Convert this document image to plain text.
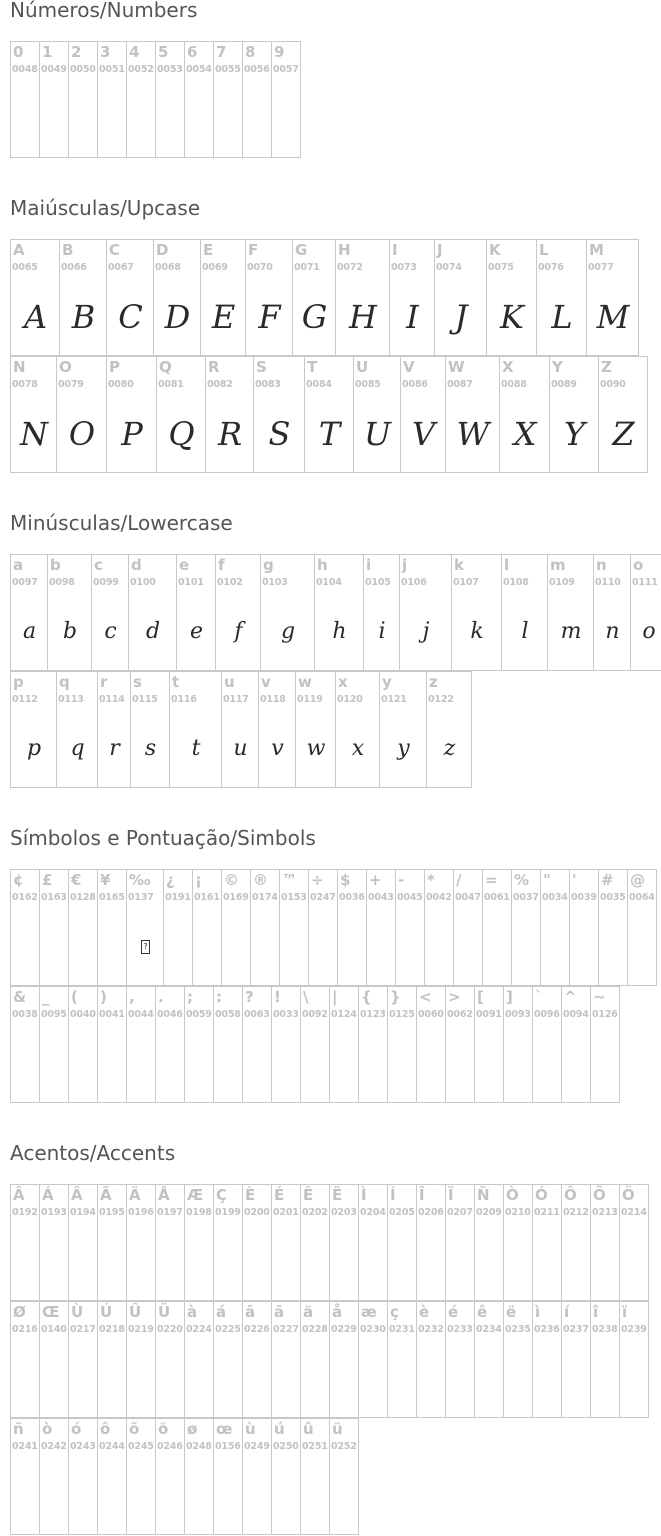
Números/Numbers
Maiúsculas/Upcase
Minúsculas/Lowercase
Símbolos e Pontuação/Simbols
Acentos/Accents
0
0048
1
0049
2
0050
3
0051
4
0052
5
0053
6
0054
7
0055
8
0056
9
0057
A
0065
A
B
0066
B
C
0067
C
D
0068
D
E
0069
E
F
0070
F
G
0071
G
H
0072
H
I
0073
I
J
0074
J
K
0075
K
L
0076
L
M
0077
M
N
0078
N
O
0079
O
P
0080
P
Q
0081
Q
R
0082
R
S
0083
S
T
0084
T
U
0085
U
V
0086
V
W
0087
W
X
0088
X
Y
0089
Y
Z
0090
Z
a
0097
a
b
0098
b
c
0099
c
d
0100
d
e
0101
e
f
0102
f
g
0103
g
h
0104
h
i
0105
i
j
0106
j
k
0107
k
l
0108
l
m
0109
m
n
0110
n
o
0111
o
p
0112
p
q
0113
q
r
0114
r
s
0115
s
t
0116
t
u
0117
u
v
0118
v
w
0119
w
x
0120
x
y
0121
y
z
0122
z
¢
0162
£
0163
€
0128
¥
0165
‰
0137
?
¿
0191
¡
0161
©
0169
®
0174
™
0153
÷
0247
$
0036
+
0043
-
0045
*
0042
/
0047
=
0061
%
0037
"
0034
'
0039
#
0035
@
0064
&
0038
_
0095
(
0040
)
0041
,
0044
.
0046
;
0059
:
0058
?
0063
!
0033
\
0092
|
0124
{
0123
}
0125
<
0060
>
0062
[
0091
]
0093
`
0096
^
0094
~
0126
Â
0192
Á
0193
Â
0194
Ã
0195
Ä
0196
Å
0197
Æ
0198
Ç
0199
È
0200
É
0201
Ê
0202
Ë
0203
Ì
0204
Í
0205
Î
0206
Ï
0207
Ñ
0209
Ò
0210
Ó
0211
Ô
0212
Õ
0213
Ö
0214
Ø
0216
Œ
0140
Ù
0217
Ú
0218
Û
0219
Ü
0220
à
0224
á
0225
â
0226
ã
0227
ä
0228
å
0229
æ
0230
ç
0231
è
0232
é
0233
ê
0234
ë
0235
ì
0236
í
0237
î
0238
ï
0239
ñ
0241
ò
0242
ó
0243
ô
0244
õ
0245
ö
0246
ø
0248
œ
0156
ù
0249
ú
0250
û
0251
ü
0252
